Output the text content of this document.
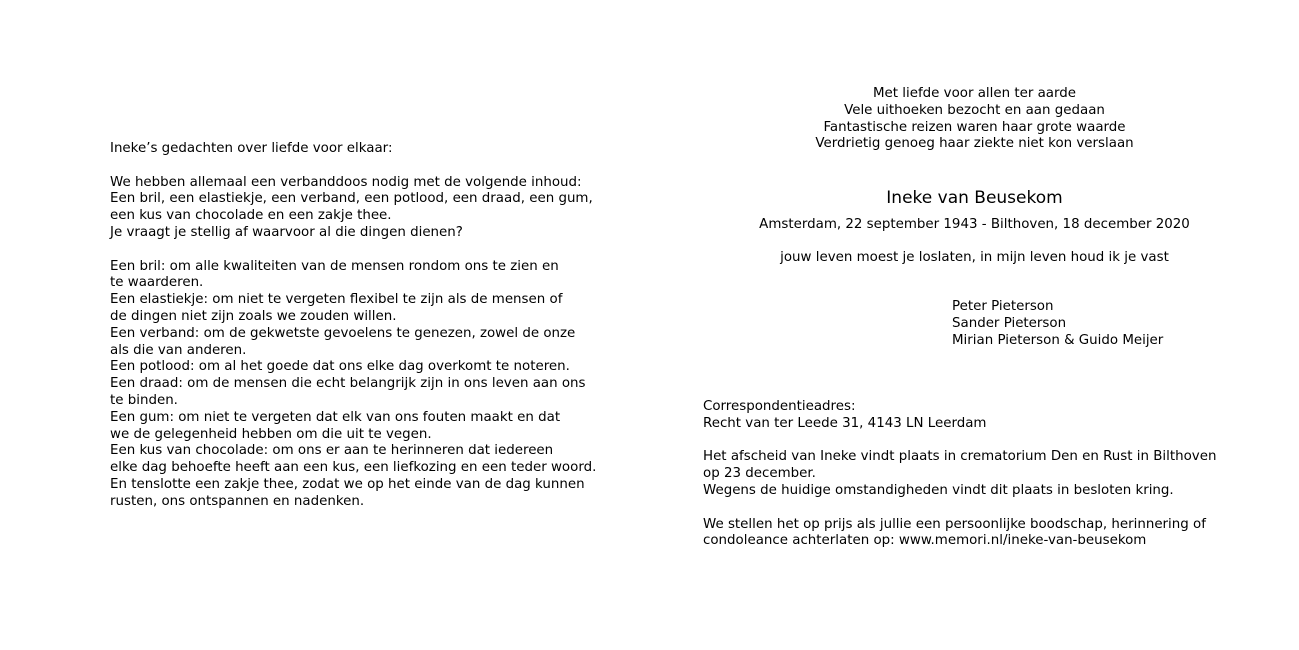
Ineke’s gedachten over liefde voor elkaar:
We hebben allemaal een verbanddoos nodig met de volgende inhoud:
Een bril, een elastiekje, een verband, een potlood, een draad, een gum,
een kus van chocolade en een zakje thee.
Je vraagt je stellig af waarvoor al die dingen dienen?
Een bril: om alle kwaliteiten van de mensen rondom ons te zien en
te waarderen.
Een elastiekje: om niet te vergeten flexibel te zijn als de mensen of
de dingen niet zijn zoals we zouden willen.
Een verband: om de gekwetste gevoelens te genezen, zowel de onze
als die van anderen.
Een potlood: om al het goede dat ons elke dag overkomt te noteren.
Een draad: om de mensen die echt belangrijk zijn in ons leven aan ons
te binden.
Een gum: om niet te vergeten dat elk van ons fouten maakt en dat
we de gelegenheid hebben om die uit te vegen.
Een kus van chocolade: om ons er aan te herinneren dat iedereen
elke dag behoefte heeft aan een kus, een liefkozing en een teder woord.
En tenslotte een zakje thee, zodat we op het einde van de dag kunnen
rusten, ons ontspannen en nadenken.
Met liefde voor allen ter aarde
Vele uithoeken bezocht en aan gedaan
Fantastische reizen waren haar grote waarde
Verdrietig genoeg haar ziekte niet kon verslaan
Ineke van Beusekom
Amsterdam, 22 september 1943 - Bilthoven, 18 december 2020
jouw leven moest je loslaten, in mijn leven houd ik je vast
Peter Pieterson
Sander Pieterson
Mirian Pieterson & Guido Meijer
Correspondentieadres:
Recht van ter Leede 31, 4143 LN Leerdam
Het afscheid van Ineke vindt plaats in crematorium Den en Rust in Bilthoven
op 23 december.
Wegens de huidige omstandigheden vindt dit plaats in besloten kring.
We stellen het op prijs als jullie een persoonlijke boodschap, herinnering of
condoleance achterlaten op: www.memori.nl/ineke-van-beusekom
